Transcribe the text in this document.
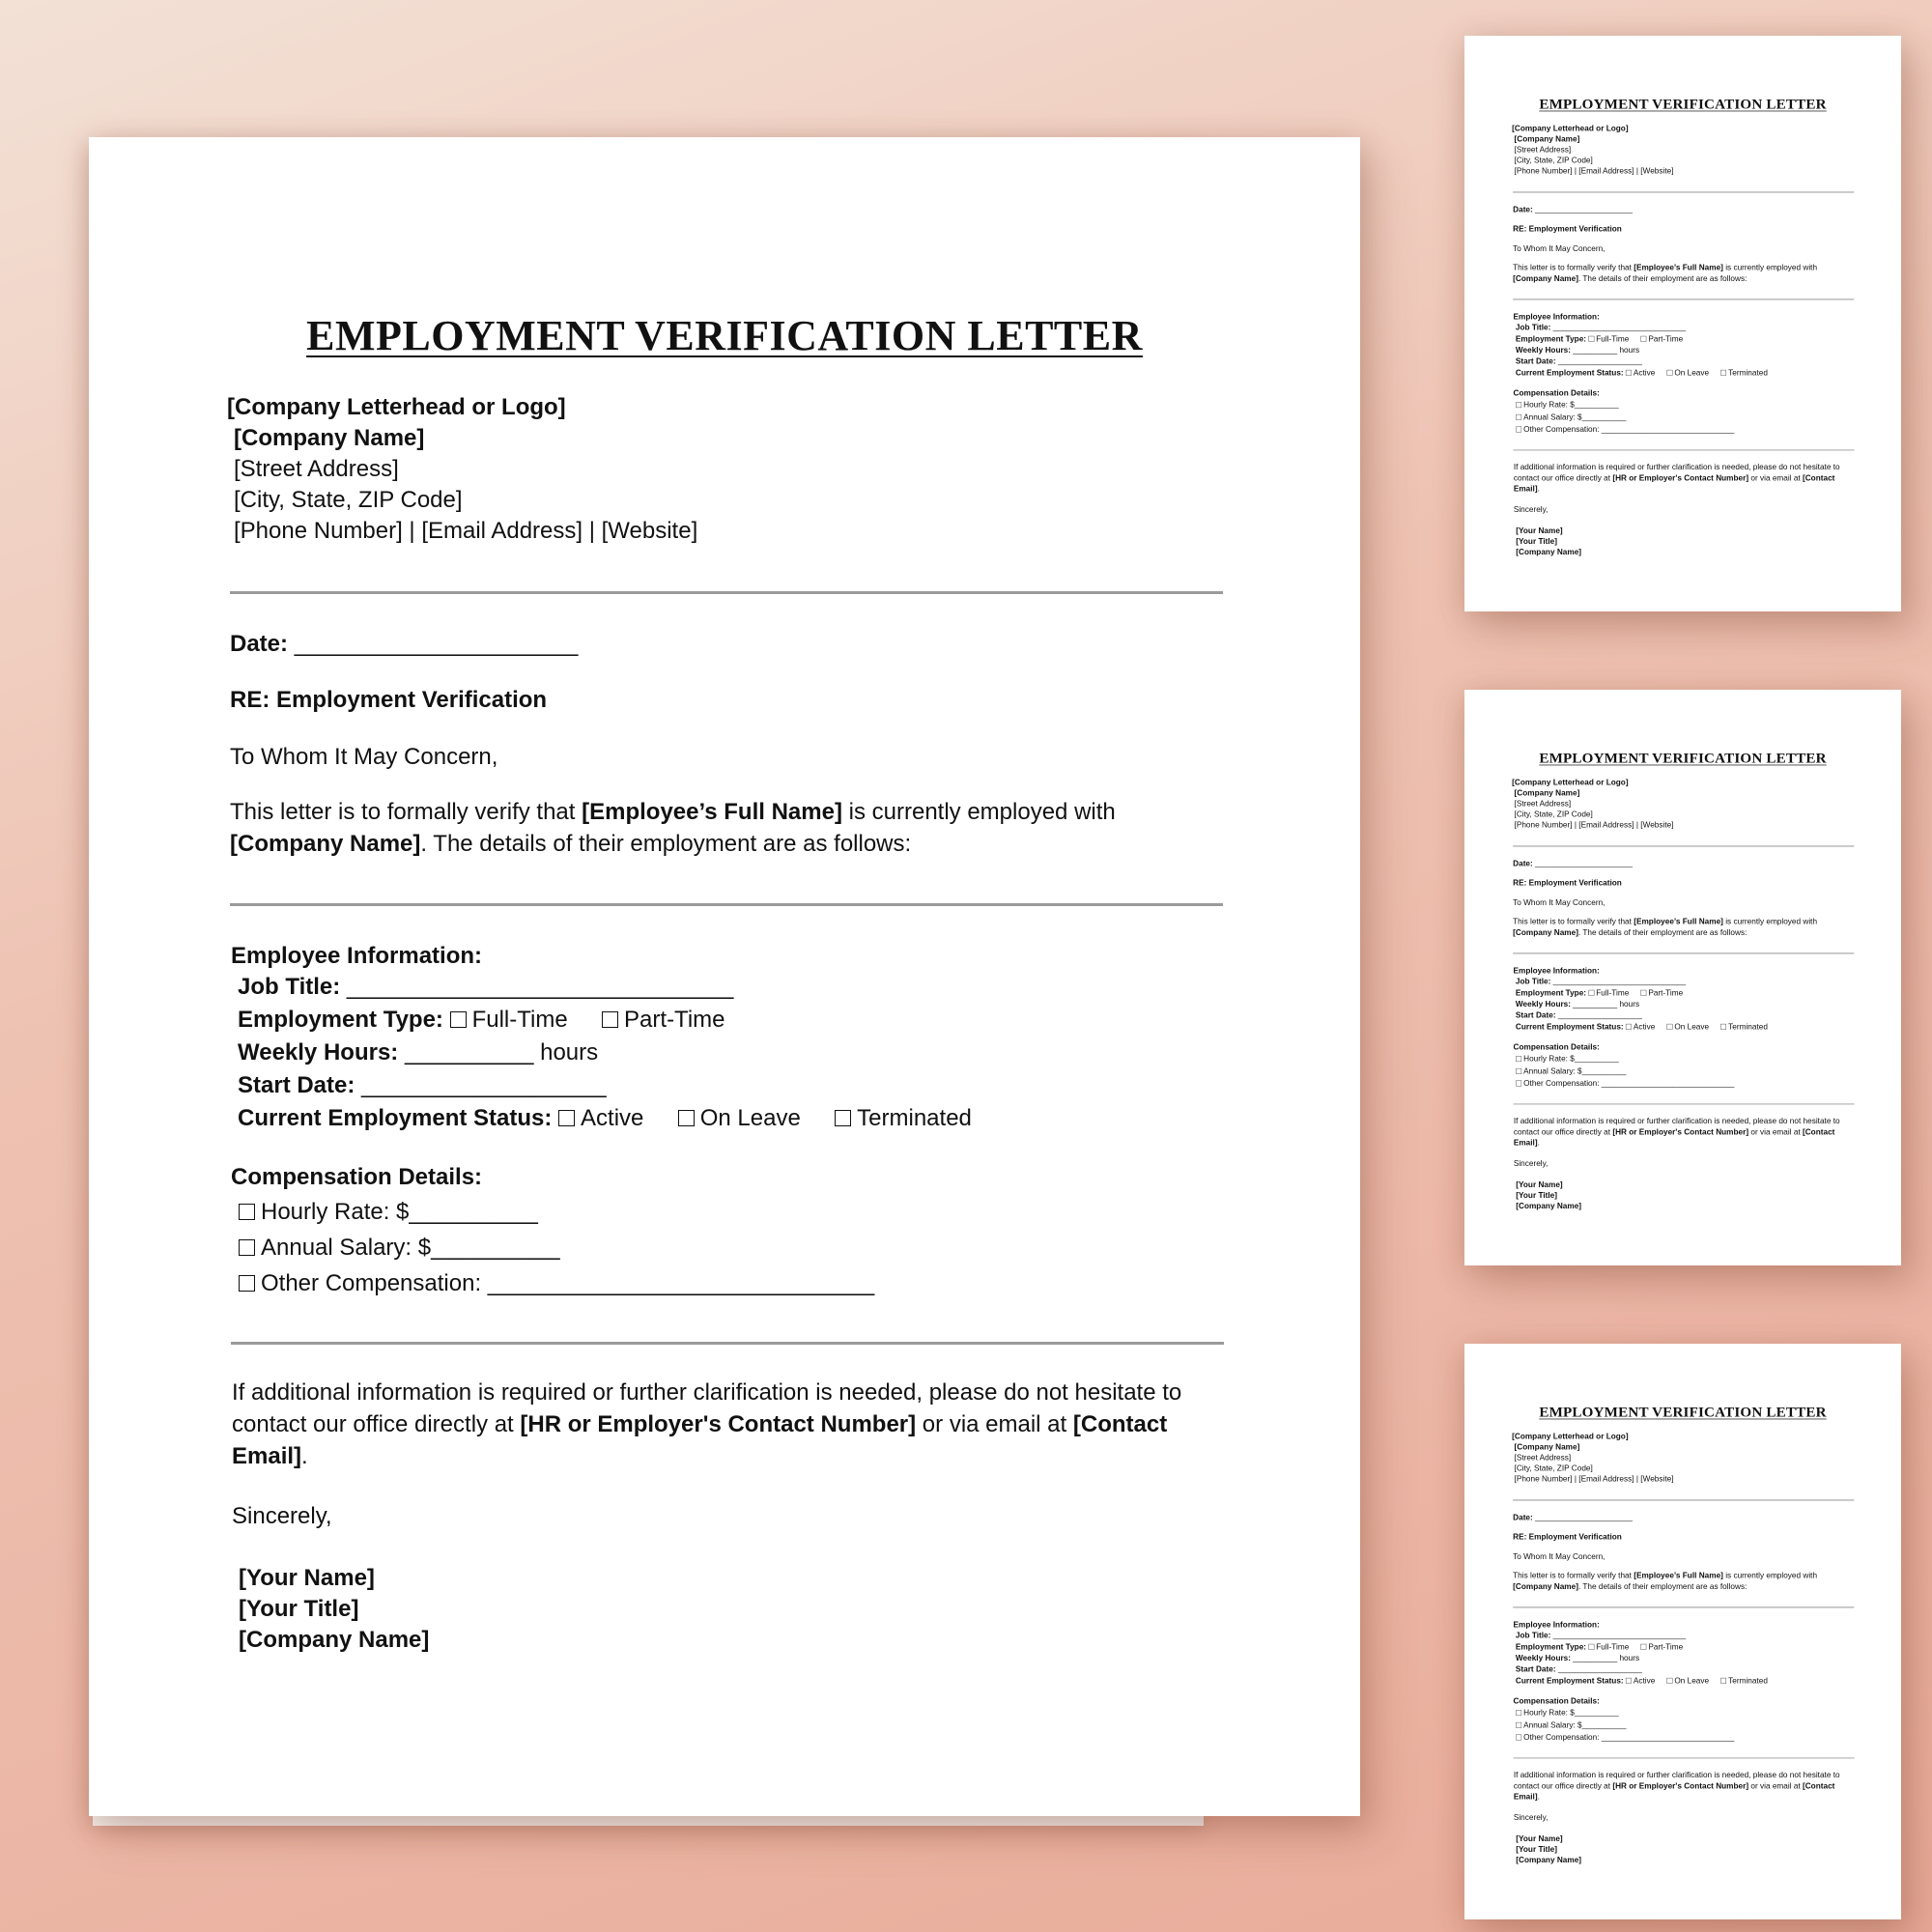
EMPLOYMENT VERIFICATION LETTER
[Company Letterhead or Logo]
[Company Name]
[Street Address]
[City, State, ZIP Code]
[Phone Number] | [Email Address] | [Website]
Date: ______________________
RE: Employment Verification
To Whom It May Concern,
This letter is to formally verify that [Employee’s Full Name] is currently employed with
[Company Name]. The details of their employment are as follows:
Employee Information:
Job Title: ______________________________
Employment Type: Full-Time Part-Time
Weekly Hours: __________ hours
Start Date: ___________________
Current Employment Status: Active On Leave Terminated
Compensation Details:
Hourly Rate: $__________
Annual Salary: $__________
Other Compensation: ______________________________
If additional information is required or further clarification is needed, please do not hesitate to
contact our office directly at [HR or Employer's Contact Number] or via email at [Contact
Email].
Sincerely,
[Your Name]
[Your Title]
[Company Name]
EMPLOYMENT VERIFICATION LETTER
[Company Letterhead or Logo]
[Company Name]
[Street Address]
[City, State, ZIP Code]
[Phone Number] | [Email Address] | [Website]
Date: ______________________
RE: Employment Verification
To Whom It May Concern,
This letter is to formally verify that [Employee’s Full Name] is currently employed with
[Company Name]. The details of their employment are as follows:
Employee Information:
Job Title: ______________________________
Employment Type: Full-Time Part-Time
Weekly Hours: __________ hours
Start Date: ___________________
Current Employment Status: Active On Leave Terminated
Compensation Details:
Hourly Rate: $__________
Annual Salary: $__________
Other Compensation: ______________________________
If additional information is required or further clarification is needed, please do not hesitate to
contact our office directly at [HR or Employer's Contact Number] or via email at [Contact
Email].
Sincerely,
[Your Name]
[Your Title]
[Company Name]
EMPLOYMENT VERIFICATION LETTER
[Company Letterhead or Logo]
[Company Name]
[Street Address]
[City, State, ZIP Code]
[Phone Number] | [Email Address] | [Website]
Date: ______________________
RE: Employment Verification
To Whom It May Concern,
This letter is to formally verify that [Employee’s Full Name] is currently employed with
[Company Name]. The details of their employment are as follows:
Employee Information:
Job Title: ______________________________
Employment Type: Full-Time Part-Time
Weekly Hours: __________ hours
Start Date: ___________________
Current Employment Status: Active On Leave Terminated
Compensation Details:
Hourly Rate: $__________
Annual Salary: $__________
Other Compensation: ______________________________
If additional information is required or further clarification is needed, please do not hesitate to
contact our office directly at [HR or Employer's Contact Number] or via email at [Contact
Email].
Sincerely,
[Your Name]
[Your Title]
[Company Name]
EMPLOYMENT VERIFICATION LETTER
[Company Letterhead or Logo]
[Company Name]
[Street Address]
[City, State, ZIP Code]
[Phone Number] | [Email Address] | [Website]
Date: ______________________
RE: Employment Verification
To Whom It May Concern,
This letter is to formally verify that [Employee’s Full Name] is currently employed with
[Company Name]. The details of their employment are as follows:
Employee Information:
Job Title: ______________________________
Employment Type: Full-Time Part-Time
Weekly Hours: __________ hours
Start Date: ___________________
Current Employment Status: Active On Leave Terminated
Compensation Details:
Hourly Rate: $__________
Annual Salary: $__________
Other Compensation: ______________________________
If additional information is required or further clarification is needed, please do not hesitate to
contact our office directly at [HR or Employer's Contact Number] or via email at [Contact
Email].
Sincerely,
[Your Name]
[Your Title]
[Company Name]
